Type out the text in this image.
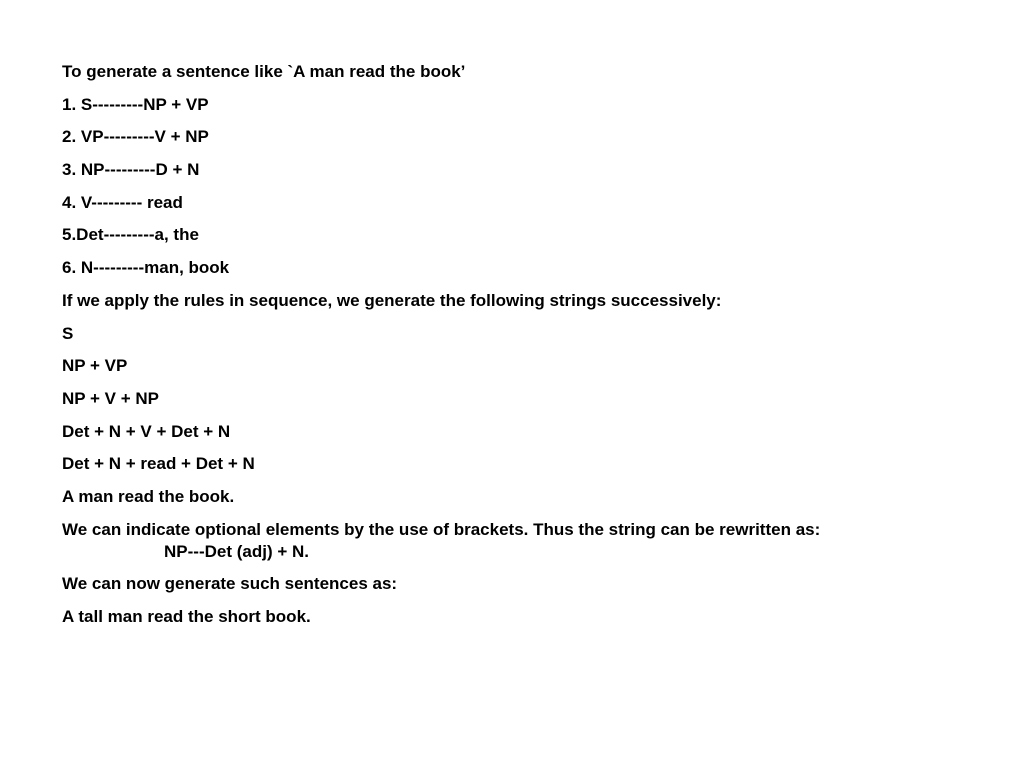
To generate a sentence like `A man read the book’
1. S---------NP + VP
2. VP---------V + NP
3. NP---------D + N
4. V--------- read
5.Det---------a, the
6. N---------man, book
If we apply the rules in sequence, we generate the following strings successively:
S
NP + VP
NP + V + NP
Det + N + V + Det + N
Det + N + read + Det + N
A man read the book.
We can indicate optional elements by the use of brackets. Thus the string can be rewritten as:
NP---Det (adj) + N.
We can now generate such sentences as:
A tall man read the short book.
